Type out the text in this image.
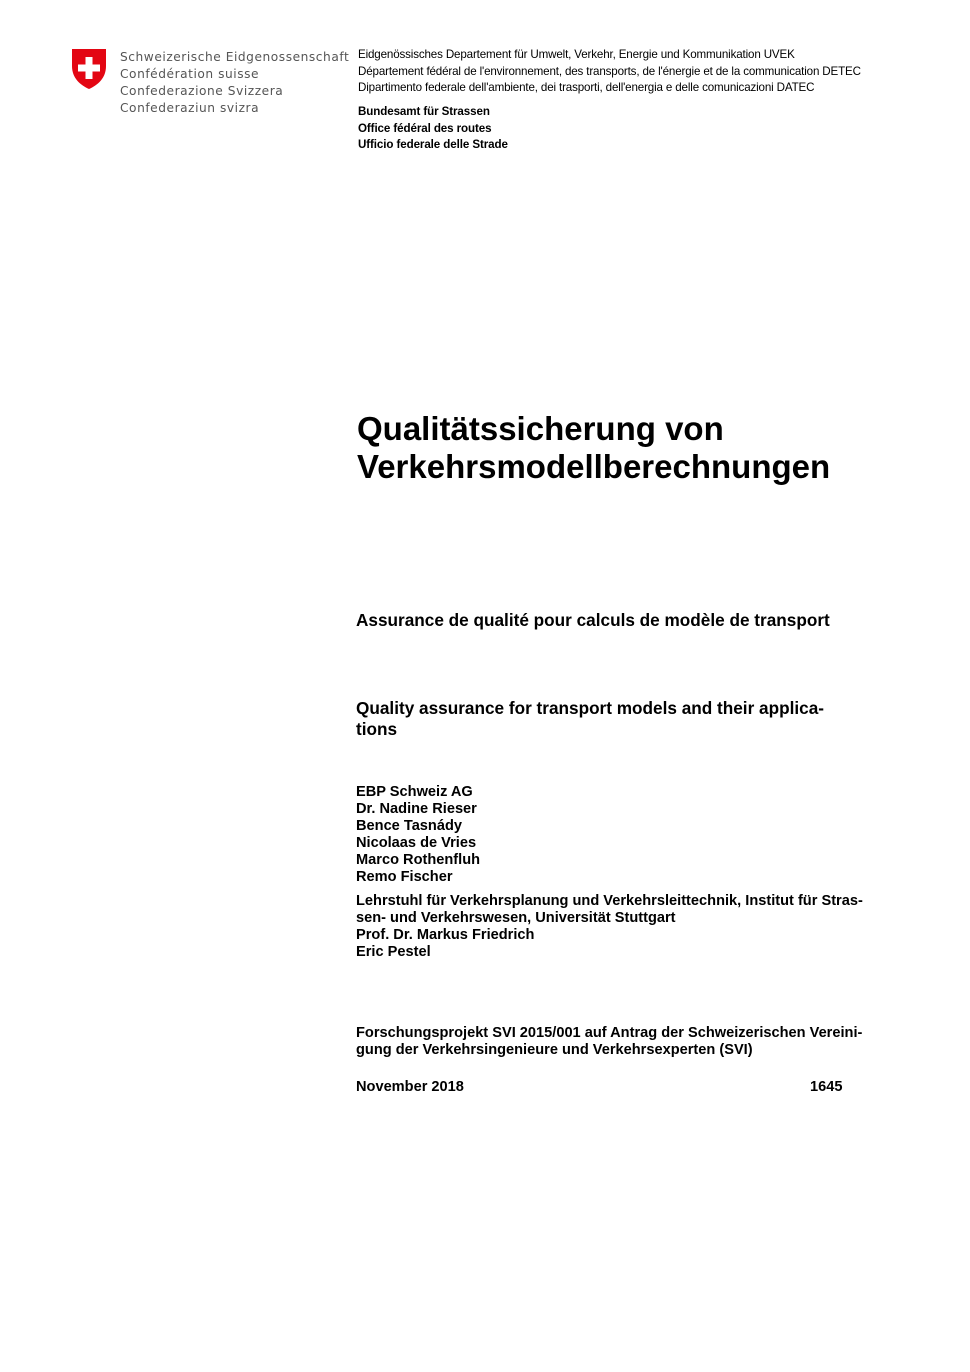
Schweizerische Eidgenossenschaft
Confédération suisse
Confederazione Svizzera
Confederaziun svizra
Eidgenössisches Departement für Umwelt, Verkehr, Energie und Kommunikation UVEK
Département fédéral de l'environnement, des transports, de l'énergie et de la communication DETEC
Dipartimento federale dell'ambiente, dei trasporti, dell'energia e delle comunicazioni DATEC
Bundesamt für Strassen
Office fédéral des routes
Ufficio federale delle Strade
Qualitätssicherung von
Verkehrsmodellberechnungen
Assurance de qualité pour calculs de modèle de transport
Quality assurance for transport models and their applica-
tions
EBP Schweiz AG
Dr. Nadine Rieser
Bence Tasnády
Nicolaas de Vries
Marco Rothenfluh
Remo Fischer
Lehrstuhl für Verkehrsplanung und Verkehrsleittechnik, Institut für Stras-
sen- und Verkehrswesen, Universität Stuttgart
Prof. Dr. Markus Friedrich
Eric Pestel
Forschungsprojekt SVI 2015/001 auf Antrag der Schweizerischen Vereini-
gung der Verkehrsingenieure und Verkehrsexperten (SVI)
November 2018	1645
